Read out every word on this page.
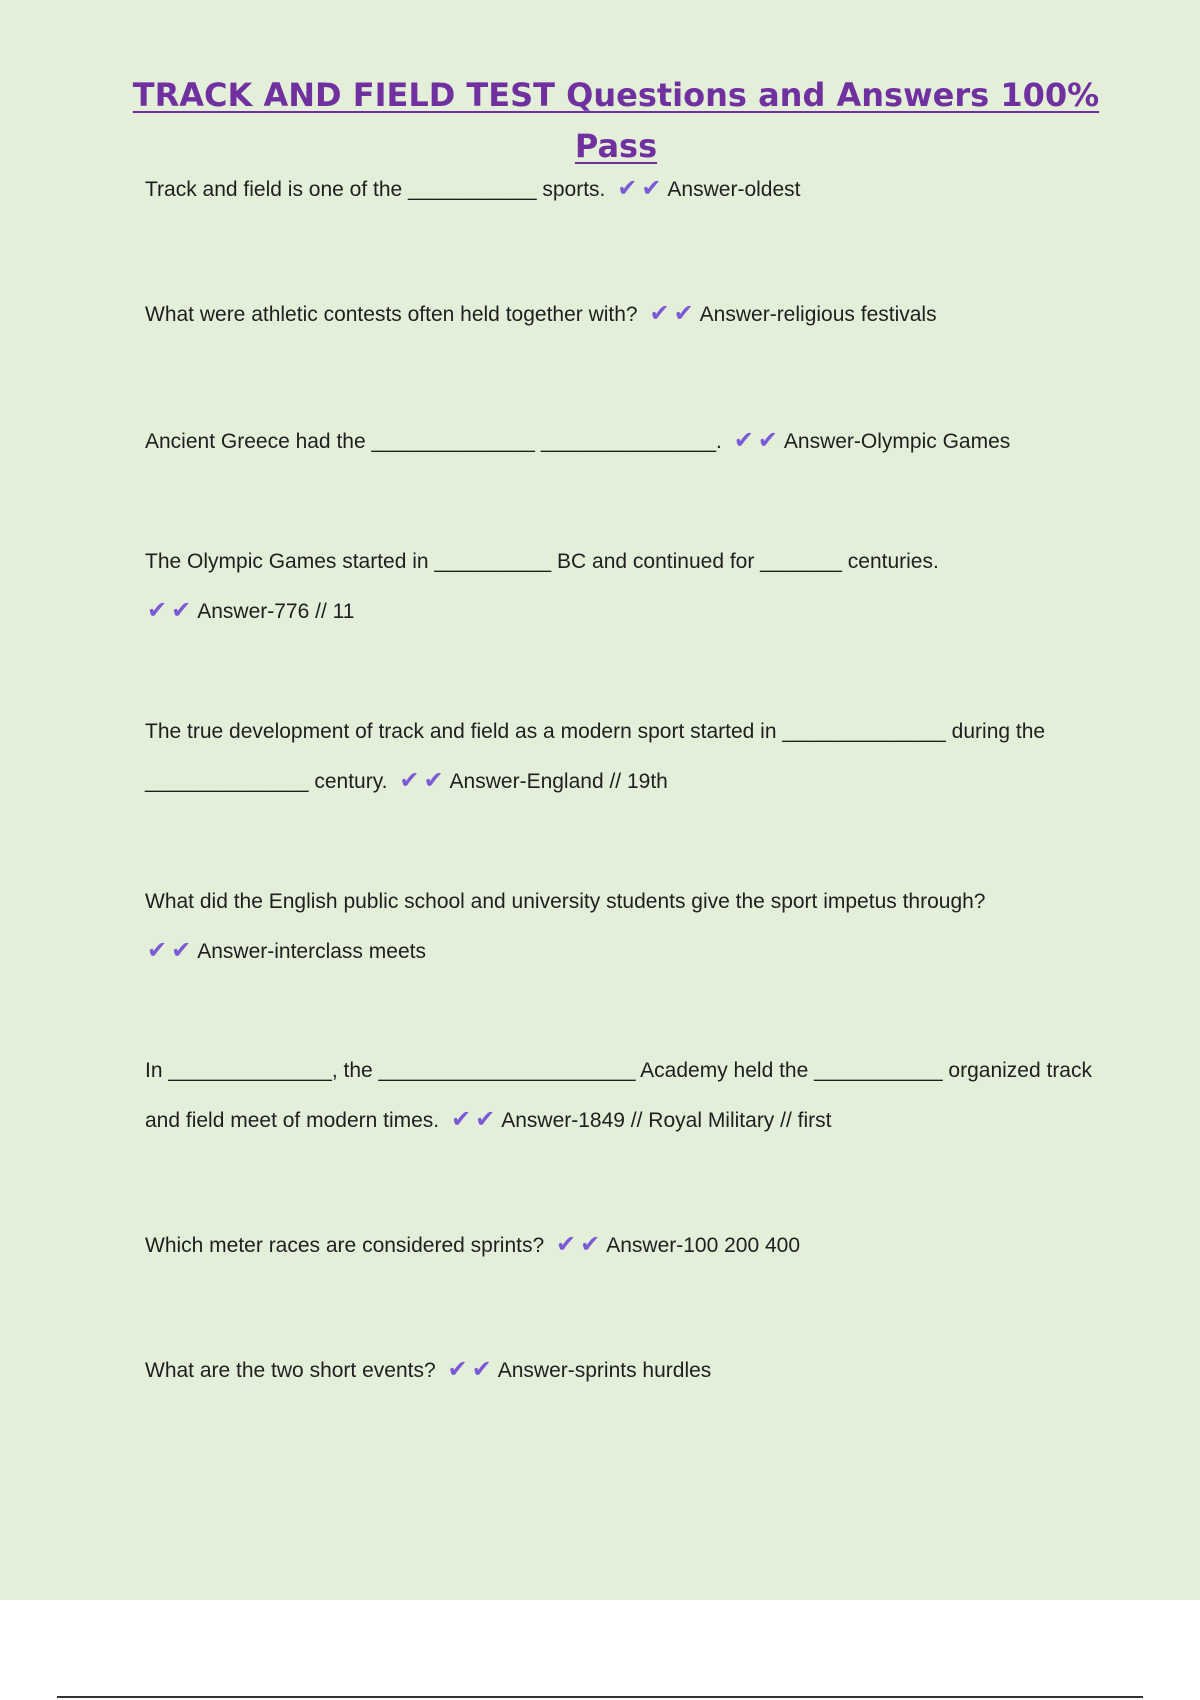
TRACK AND FIELD TEST Questions and Answers 100%
Pass
Track and field is one of the ___________ sports. ✔ ✔ Answer-oldest
What were athletic contests often held together with? ✔ ✔ Answer-religious festivals
Ancient Greece had the ______________ _______________. ✔ ✔ Answer-Olympic Games
The Olympic Games started in __________ BC and continued for _______ centuries.
✔ ✔ Answer-776 // 11
The true development of track and field as a modern sport started in ______________ during the
______________ century. ✔ ✔ Answer-England // 19th
What did the English public school and university students give the sport impetus through?
✔ ✔ Answer-interclass meets
In ______________, the ______________________ Academy held the ___________ organized track
and field meet of modern times. ✔ ✔ Answer-1849 // Royal Military // first
Which meter races are considered sprints? ✔ ✔ Answer-100 200 400
What are the two short events? ✔ ✔ Answer-sprints hurdles
